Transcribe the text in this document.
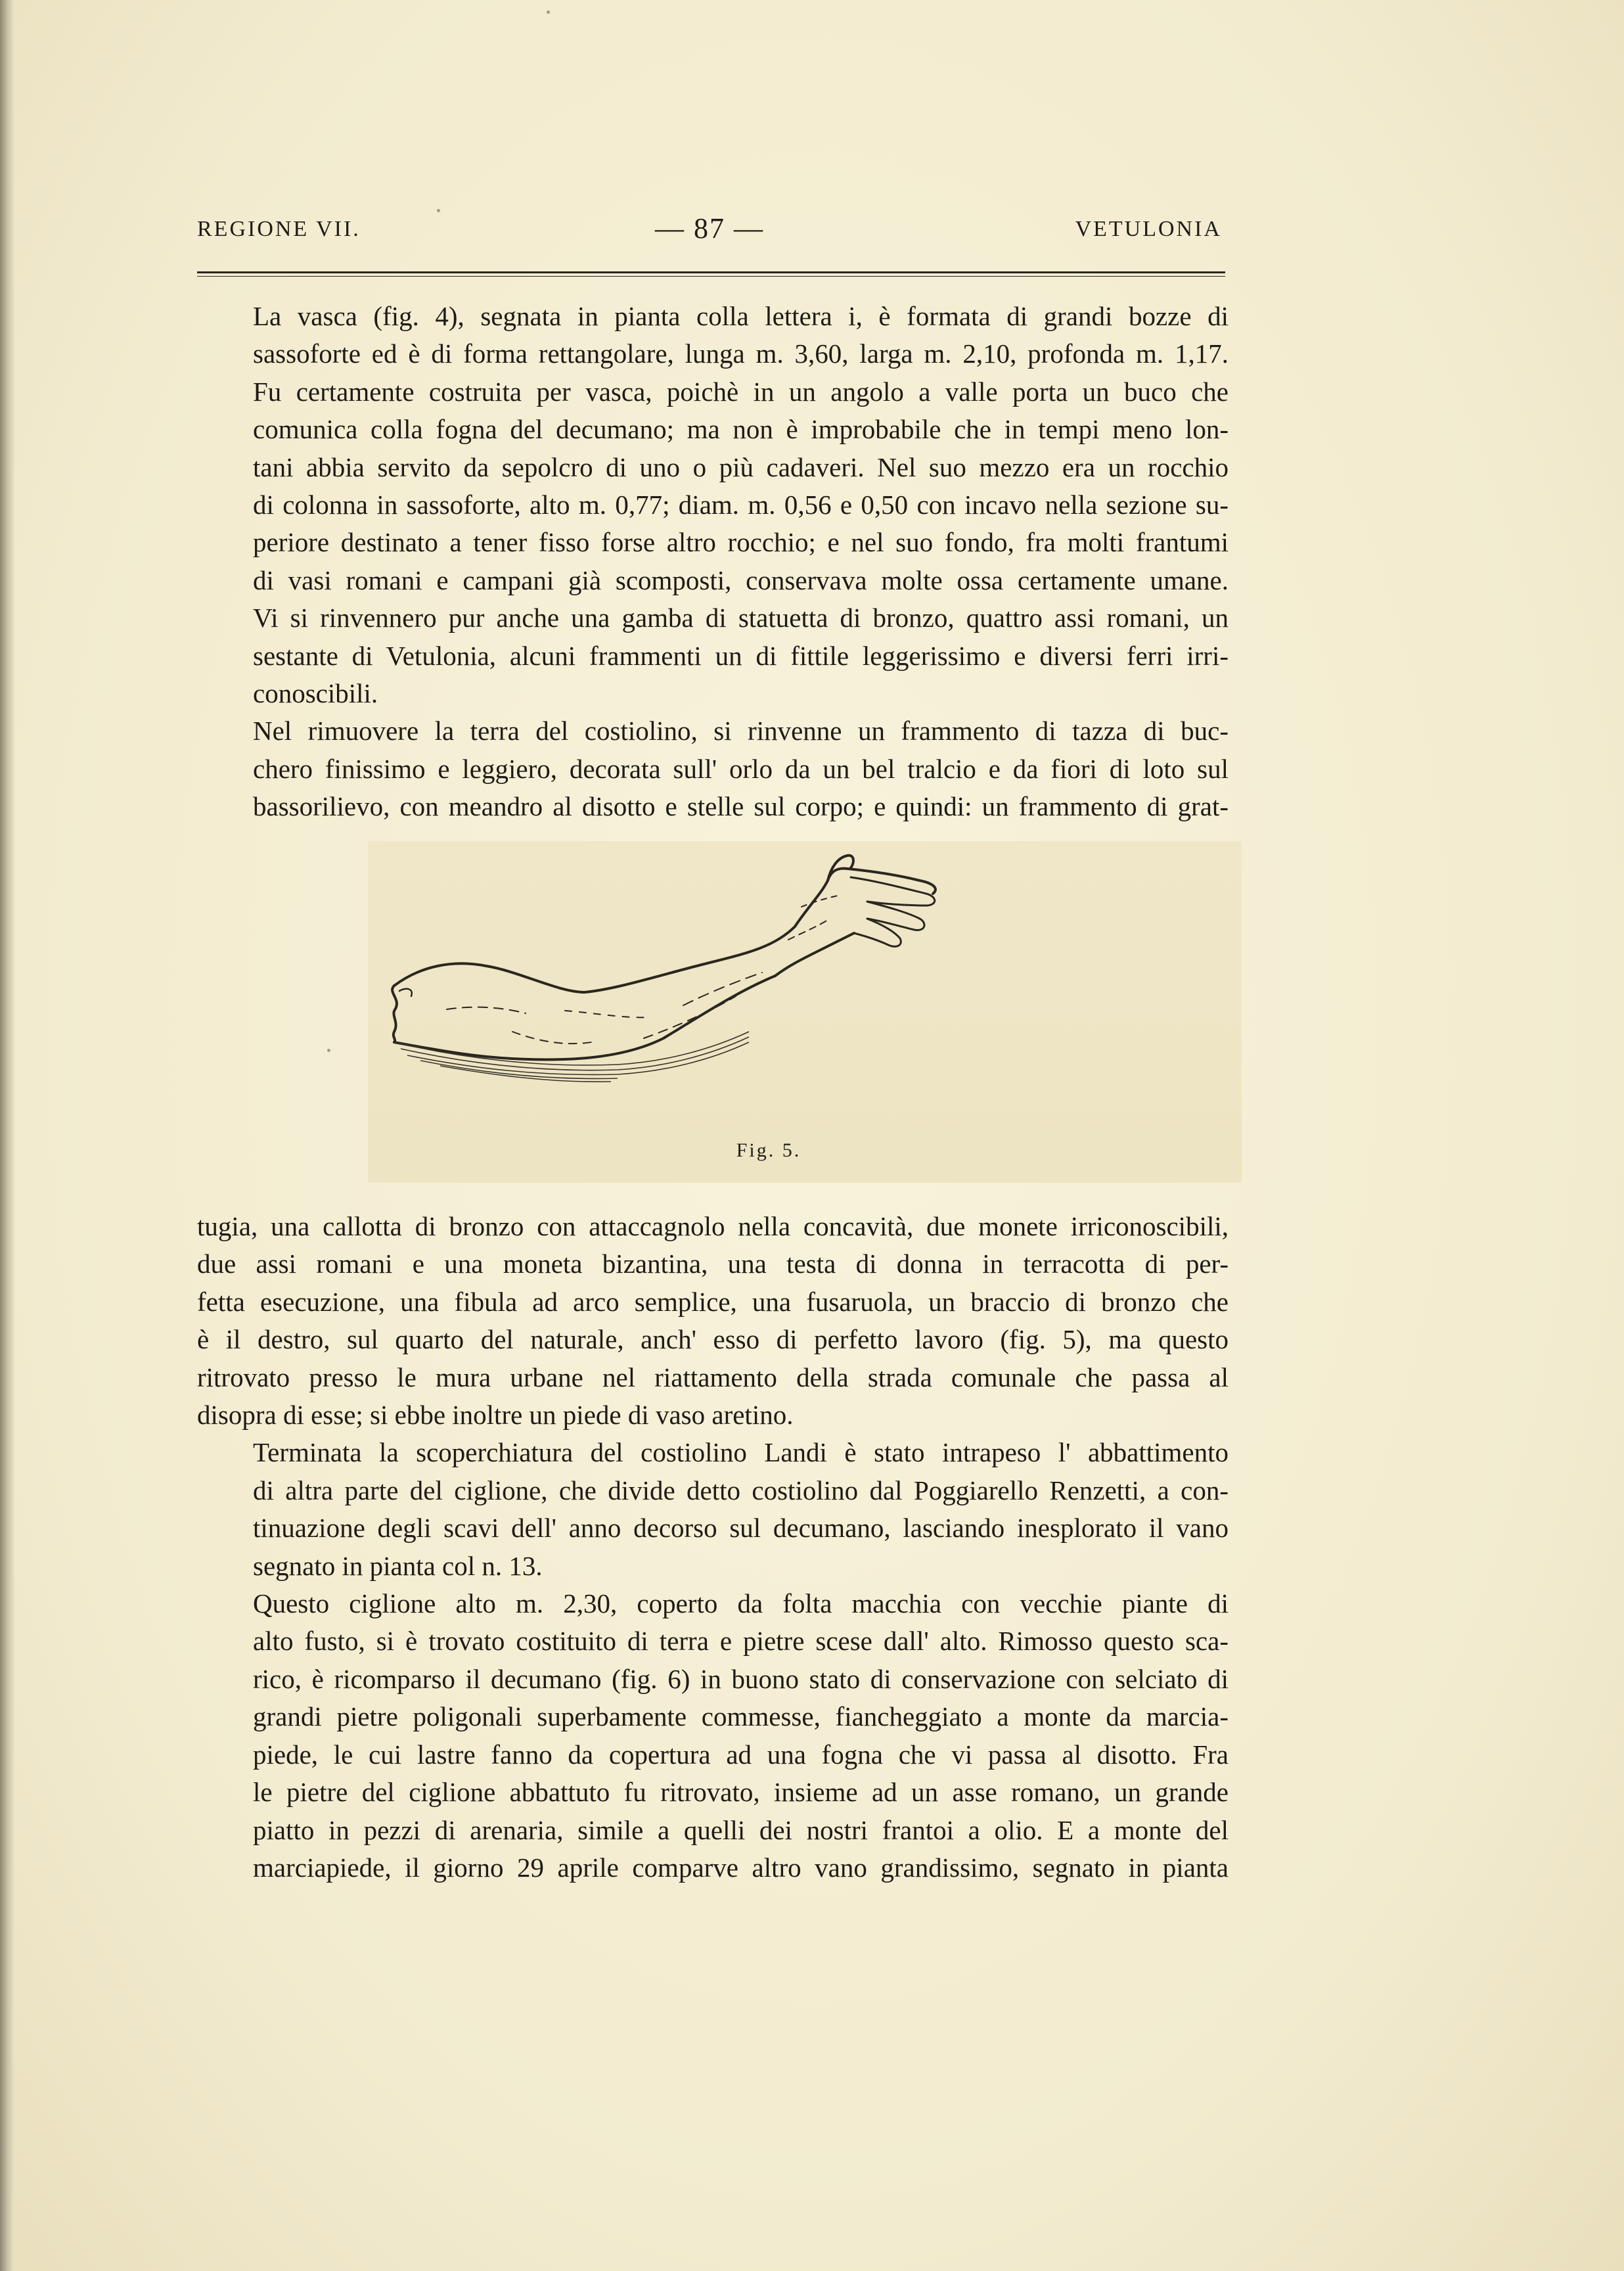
REGIONE VII.	— 87 —	VETULONIA

La vasca (fig. 4), segnata in pianta colla lettera i, è formata di grandi bozze di
sassoforte ed è di forma rettangolare, lunga m. 3,60, larga m. 2,10, profonda m. 1,17.
Fu certamente costruita per vasca, poichè in un angolo a valle porta un buco che
comunica colla fogna del decumano; ma non è improbabile che in tempi meno lon-
tani abbia servito da sepolcro di uno o più cadaveri. Nel suo mezzo era un rocchio
di colonna in sassoforte, alto m. 0,77; diam. m. 0,56 e 0,50 con incavo nella sezione su-
periore destinato a tener fisso forse altro rocchio; e nel suo fondo, fra molti frantumi
di vasi romani e campani già scomposti, conservava molte ossa certamente umane.
Vi si rinvennero pur anche una gamba di statuetta di bronzo, quattro assi romani, un
sestante di Vetulonia, alcuni frammenti un di fittile leggerissimo e diversi ferri irri-
conoscibili.

Nel rimuovere la terra del costiolino, si rinvenne un frammento di tazza di buc-
chero finissimo e leggiero, decorata sull' orlo da un bel tralcio e da fiori di loto sul
bassorilievo, con meandro al disotto e stelle sul corpo; e quindi: un frammento di grat-

Fig. 5.

tugia, una callotta di bronzo con attaccagnolo nella concavità, due monete irriconoscibili,
due assi romani e una moneta bizantina, una testa di donna in terracotta di per-
fetta esecuzione, una fibula ad arco semplice, una fusaruola, un braccio di bronzo che
è il destro, sul quarto del naturale, anch' esso di perfetto lavoro (fig. 5), ma questo
ritrovato presso le mura urbane nel riattamento della strada comunale che passa al
disopra di esse; si ebbe inoltre un piede di vaso aretino.

Terminata la scoperchiatura del costiolino Landi è stato intrapeso l' abbattimento
di altra parte del ciglione, che divide detto costiolino dal Poggiarello Renzetti, a con-
tinuazione degli scavi dell' anno decorso sul decumano, lasciando inesplorato il vano
segnato in pianta col n. 13.

Questo ciglione alto m. 2,30, coperto da folta macchia con vecchie piante di
alto fusto, si è trovato costituito di terra e pietre scese dall' alto. Rimosso questo sca-
rico, è ricomparso il decumano (fig. 6) in buono stato di conservazione con selciato di
grandi pietre poligonali superbamente commesse, fiancheggiato a monte da marcia-
piede, le cui lastre fanno da copertura ad una fogna che vi passa al disotto. Fra
le pietre del ciglione abbattuto fu ritrovato, insieme ad un asse romano, un grande
piatto in pezzi di arenaria, simile a quelli dei nostri frantoi a olio. E a monte del
marciapiede, il giorno 29 aprile comparve altro vano grandissimo, segnato in pianta
